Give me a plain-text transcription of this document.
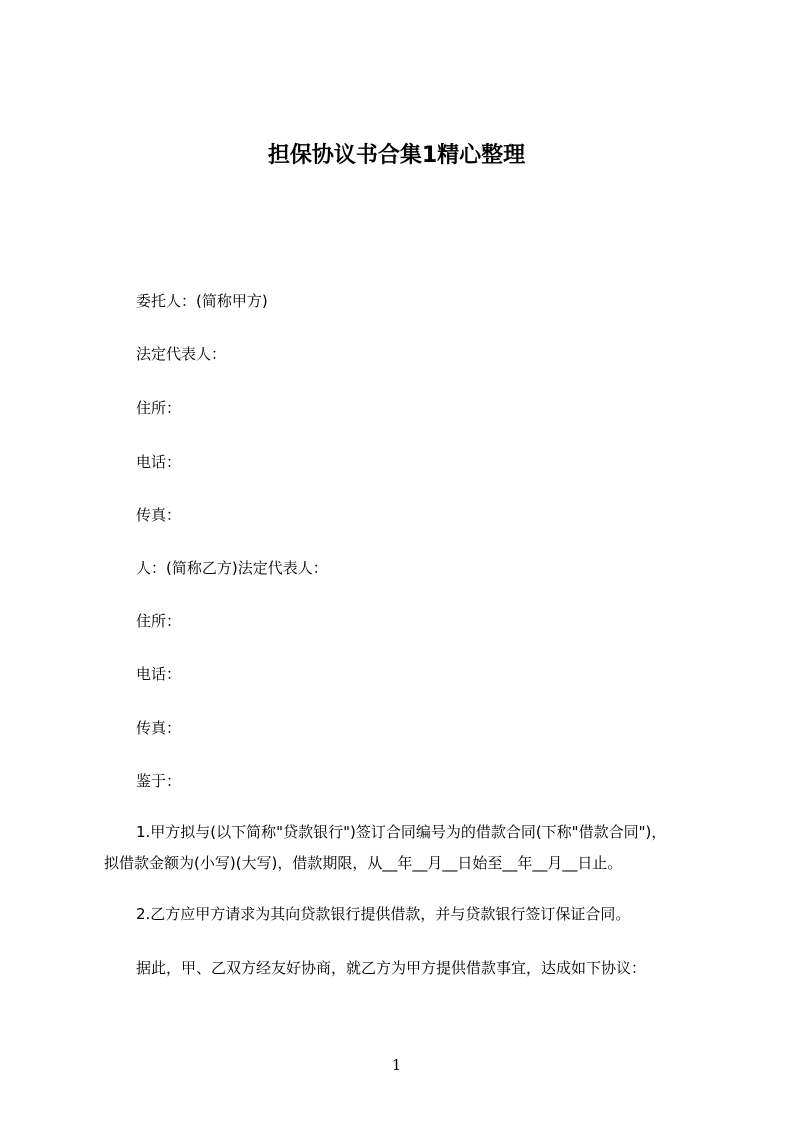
担保协议书合集1精心整理

委托人：(简称甲方)

法定代表人：

住所：

电话：

传真：

人：(简称乙方)法定代表人：

住所：

电话：

传真：

鉴于：

1.甲方拟与(以下简称"贷款银行")签订合同编号为的借款合同(下称"借款合同")，
拟借款金额为(小写)(大写)，借款期限，从__年__月__日始至__年__月__日止。

2.乙方应甲方请求为其向贷款银行提供借款，并与贷款银行签订保证合同。

据此，甲、乙双方经友好协商，就乙方为甲方提供借款事宜，达成如下协议：

1
